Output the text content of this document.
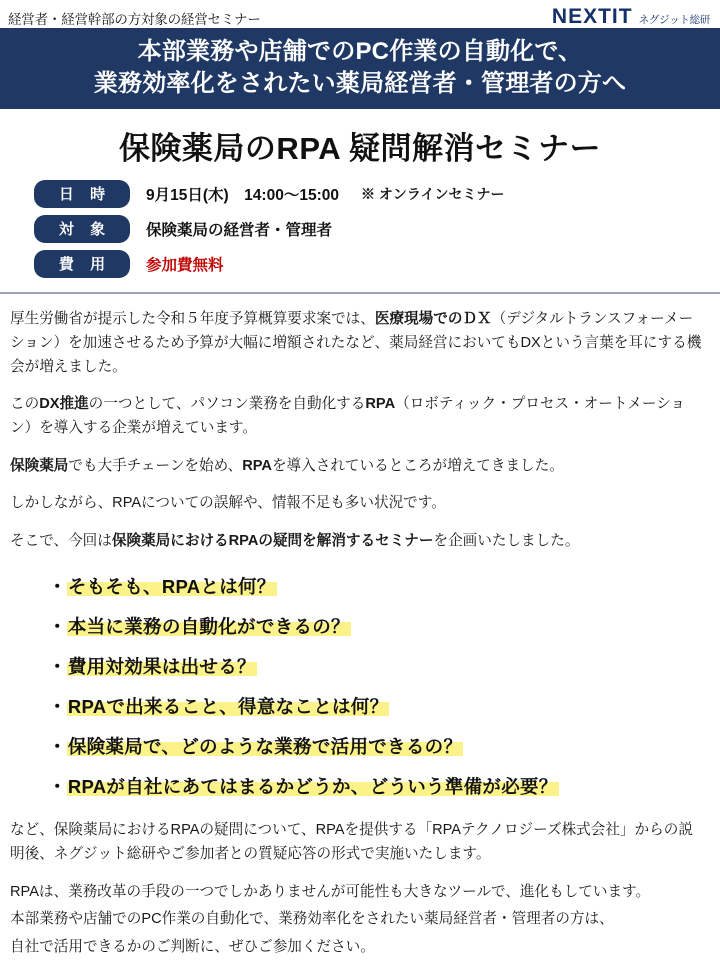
経営者・経営幹部の方対象の経営セミナー	NEXTIT ネグジット総研
本部業務や店舗でのPC作業の自動化で、
業務効率化をされたい薬局経営者・管理者の方へ
保険薬局のRPA 疑問解消セミナー
日 時	9月15日(木)　14:00〜15:00 ※ オンラインセミナー
対 象	保険薬局の経営者・管理者
費 用	参加費無料

厚生労働省が提示した令和５年度予算概算要求案では、医療現場でのＤＸ（デジタルトランスフォーメーション）を加速させるため予算が大幅に増額されたなど、薬局経営においてもDXという言葉を耳にする機会が増えました。

このDX推進の一つとして、パソコン業務を自動化するRPA（ロボティック・プロセス・オートメーション）を導入する企業が増えています。

保険薬局でも大手チェーンを始め、RPAを導入されているところが増えてきました。

しかしながら、RPAについての誤解や、情報不足も多い状況です。

そこで、今回は保険薬局におけるRPAの疑問を解消するセミナーを企画いたしました。

・そもそも、RPAとは何？
・本当に業務の自動化ができるの？
・費用対効果は出せる？
・RPAで出来ること、得意なことは何？
・保険薬局で、どのような業務で活用できるの？
・RPAが自社にあてはまるかどうか、どういう準備が必要？

など、保険薬局におけるRPAの疑問について、RPAを提供する「RPAテクノロジーズ株式会社」からの説明後、ネグジット総研やご参加者との質疑応答の形式で実施いたします。

RPAは、業務改革の手段の一つでしかありませんが可能性も大きなツールで、進化もしています。

本部業務や店舗でのPC作業の自動化で、業務効率化をされたい薬局経営者・管理者の方は、

自社で活用できるかのご判断に、ぜひご参加ください。
